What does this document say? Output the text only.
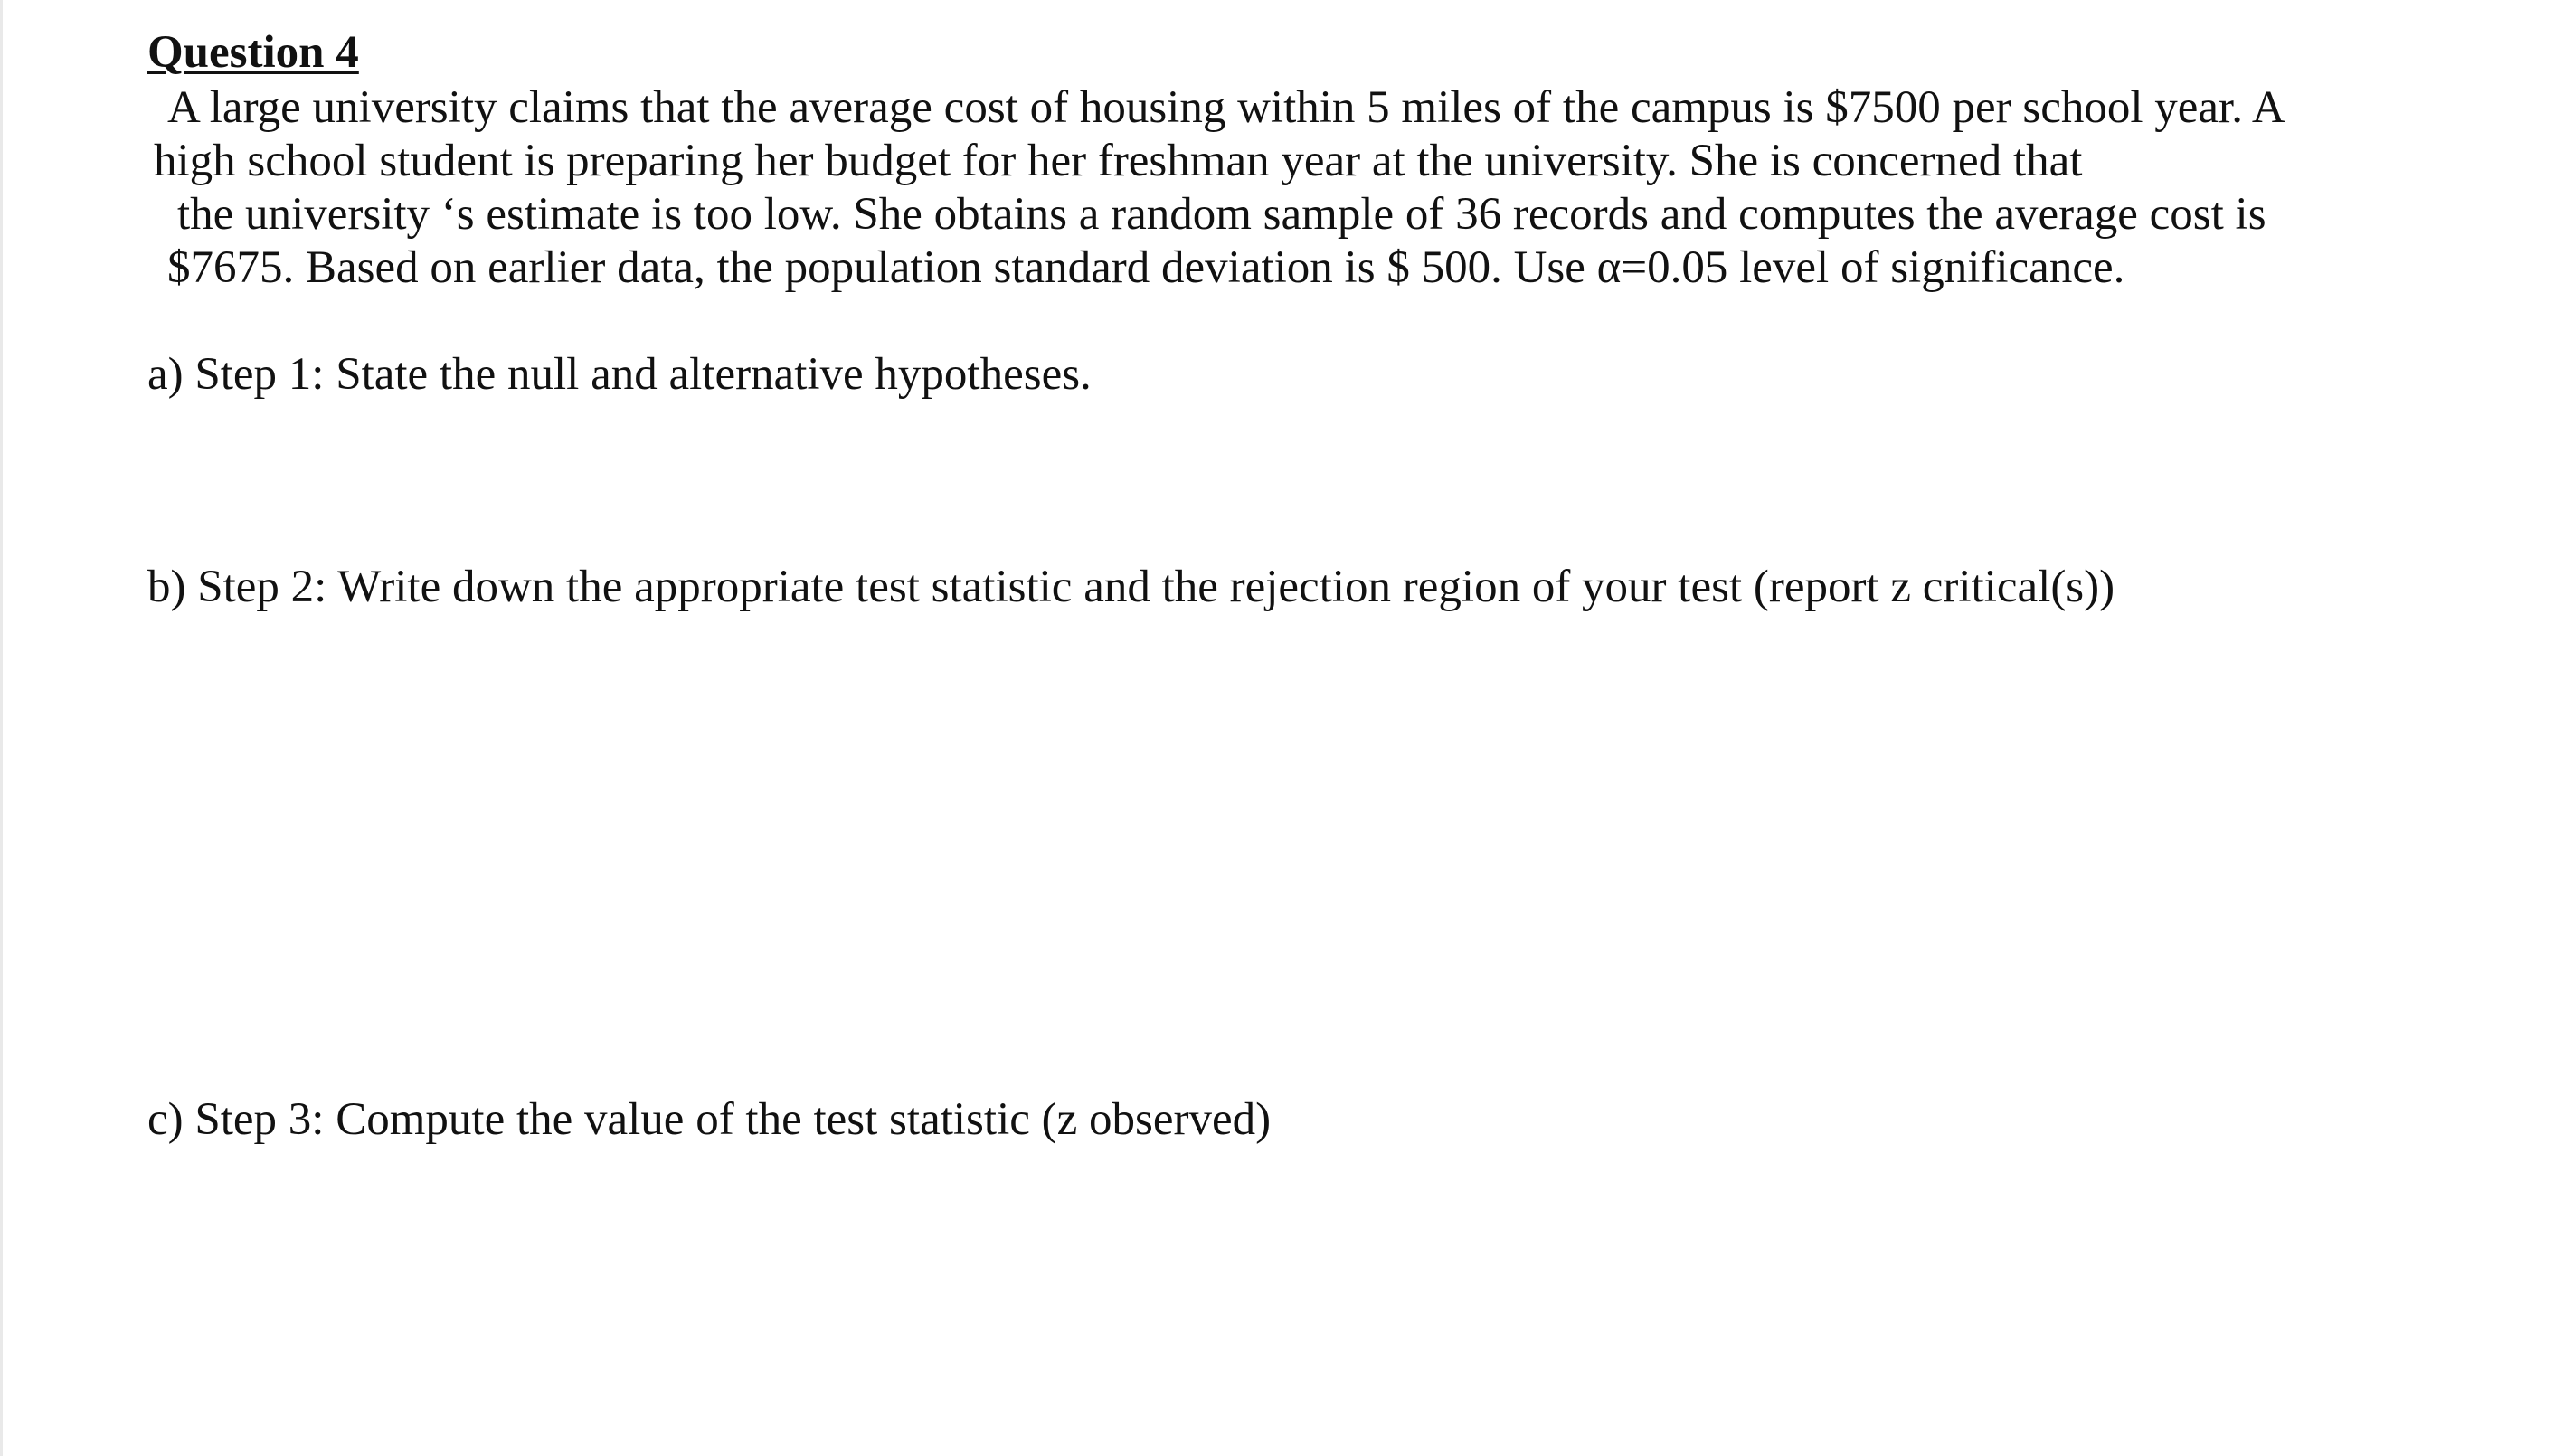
Question 4
A large university claims that the average cost of housing within 5 miles of the campus is $7500 per school year. A
high school student is preparing her budget for her freshman year at the university. She is concerned that
the university ‘s estimate is too low. She obtains a random sample of 36 records and computes the average cost is
$7675. Based on earlier data, the population standard deviation is $ 500. Use α=0.05 level of significance.
a) Step 1: State the null and alternative hypotheses.
b) Step 2: Write down the appropriate test statistic and the rejection region of your test (report z critical(s))
c) Step 3: Compute the value of the test statistic (z observed)
